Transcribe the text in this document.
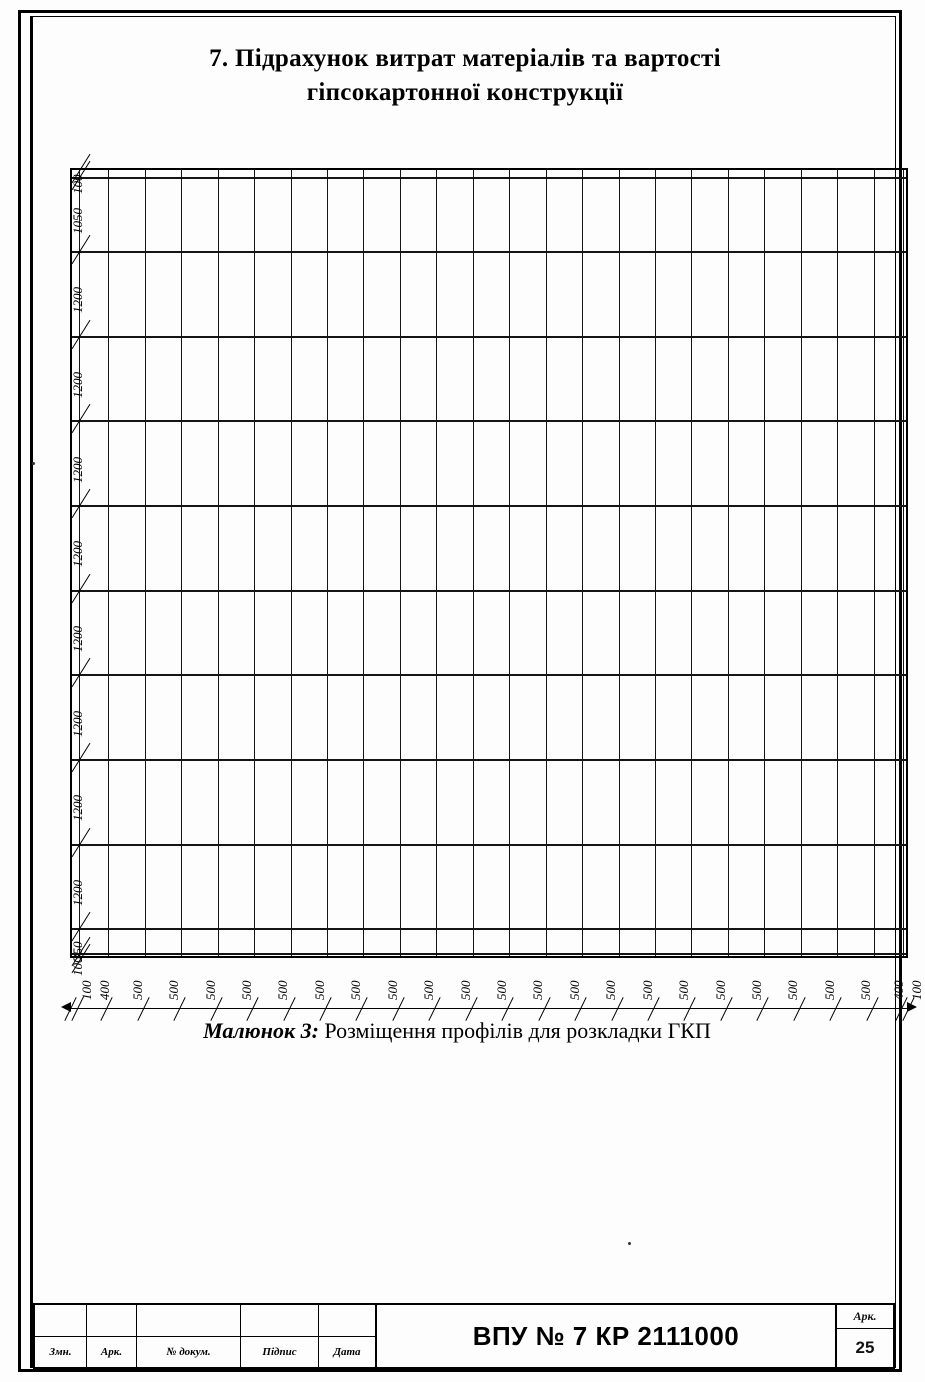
7. Підрахунок витрат матеріалів та вартості
гіпсокартонної конструкції
100
1050
1200
1200
1200
1200
1200
1200
1200
1200
350
100
100 400 500 500 500 500 500 500 500 500 500 500 500 500 500 500 500 500 500 500 500 500 500 400 100
Малюнок 3: Розміщення профілів для розкладки ГКП
Змн.	Арк.	№ докум.	Підпис	Дата
ВПУ № 7 КР 2111000
Арк.
25
